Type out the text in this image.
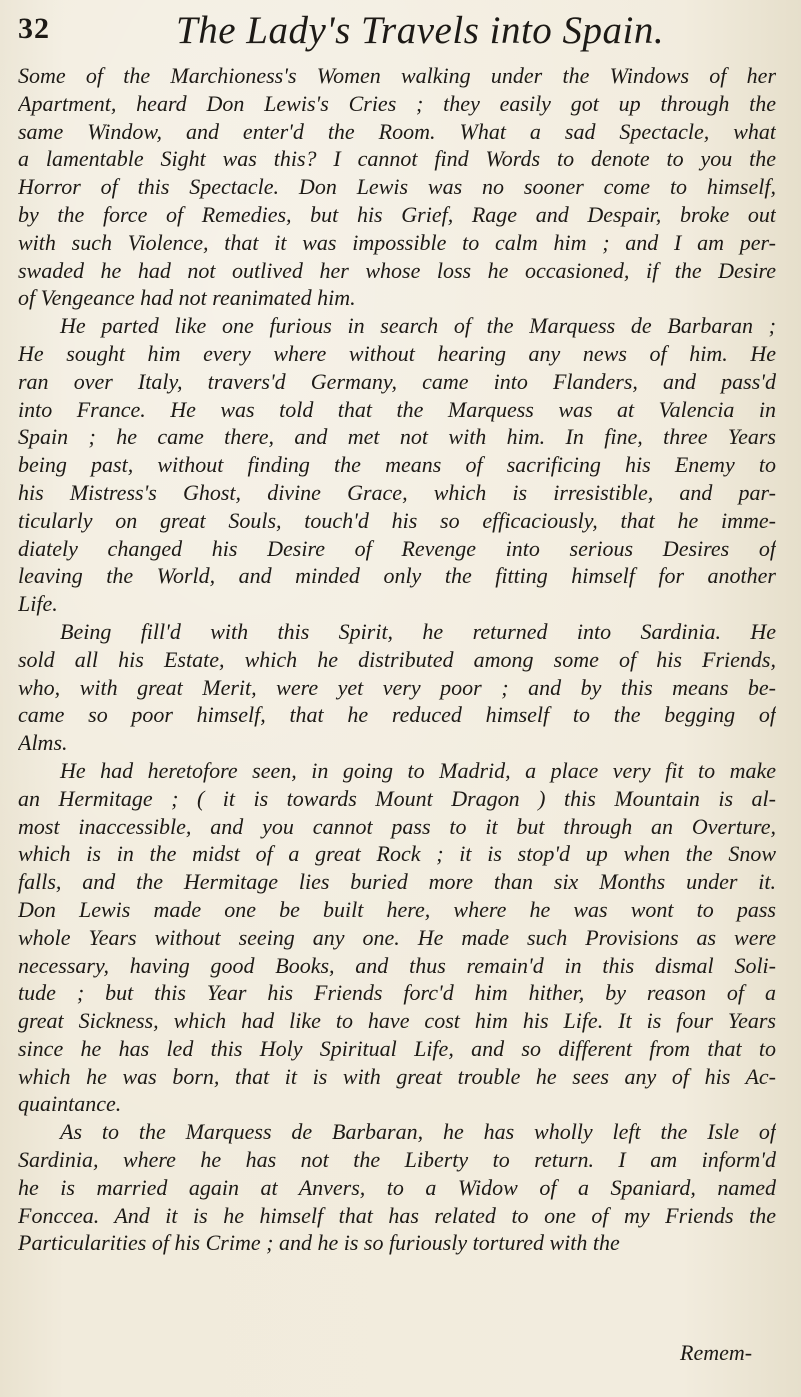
32	The Lady's Travels into Spain.
Some of the Marchioness's Women walking under the Windows of her
Apartment, heard Don Lewis's Cries ; they easily got up through the
same Window, and enter'd the Room. What a sad Spectacle, what
a lamentable Sight was this? I cannot find Words to denote to you the
Horror of this Spectacle. Don Lewis was no sooner come to himself,
by the force of Remedies, but his Grief, Rage and Despair, broke out
with such Violence, that it was impossible to calm him ; and I am per-
swaded he had not outlived her whose loss he occasioned, if the Desire
of Vengeance had not reanimated him.
He parted like one furious in search of the Marquess de Barbaran ;
He sought him every where without hearing any news of him. He
ran over Italy, travers'd Germany, came into Flanders, and pass'd
into France. He was told that the Marquess was at Valencia in
Spain ; he came there, and met not with him. In fine, three Years
being past, without finding the means of sacrificing his Enemy to
his Mistress's Ghost, divine Grace, which is irresistible, and par-
ticularly on great Souls, touch'd his so efficaciously, that he imme-
diately changed his Desire of Revenge into serious Desires of
leaving the World, and minded only the fitting himself for another
Life.
Being fill'd with this Spirit, he returned into Sardinia. He
sold all his Estate, which he distributed among some of his Friends,
who, with great Merit, were yet very poor ; and by this means be-
came so poor himself, that he reduced himself to the begging of
Alms.
He had heretofore seen, in going to Madrid, a place very fit to make
an Hermitage ; ( it is towards Mount Dragon ) this Mountain is al-
most inaccessible, and you cannot pass to it but through an Overture,
which is in the midst of a great Rock ; it is stop'd up when the Snow
falls, and the Hermitage lies buried more than six Months under it.
Don Lewis made one be built here, where he was wont to pass
whole Years without seeing any one. He made such Provisions as were
necessary, having good Books, and thus remain'd in this dismal Soli-
tude ; but this Year his Friends forc'd him hither, by reason of a
great Sickness, which had like to have cost him his Life. It is four Years
since he has led this Holy Spiritual Life, and so different from that to
which he was born, that it is with great trouble he sees any of his Ac-
quaintance.
As to the Marquess de Barbaran, he has wholly left the Isle of
Sardinia, where he has not the Liberty to return. I am inform'd
he is married again at Anvers, to a Widow of a Spaniard, named
Fonccea. And it is he himself that has related to one of my Friends the
Particularities of his Crime ; and he is so furiously tortured with the
Remem-
